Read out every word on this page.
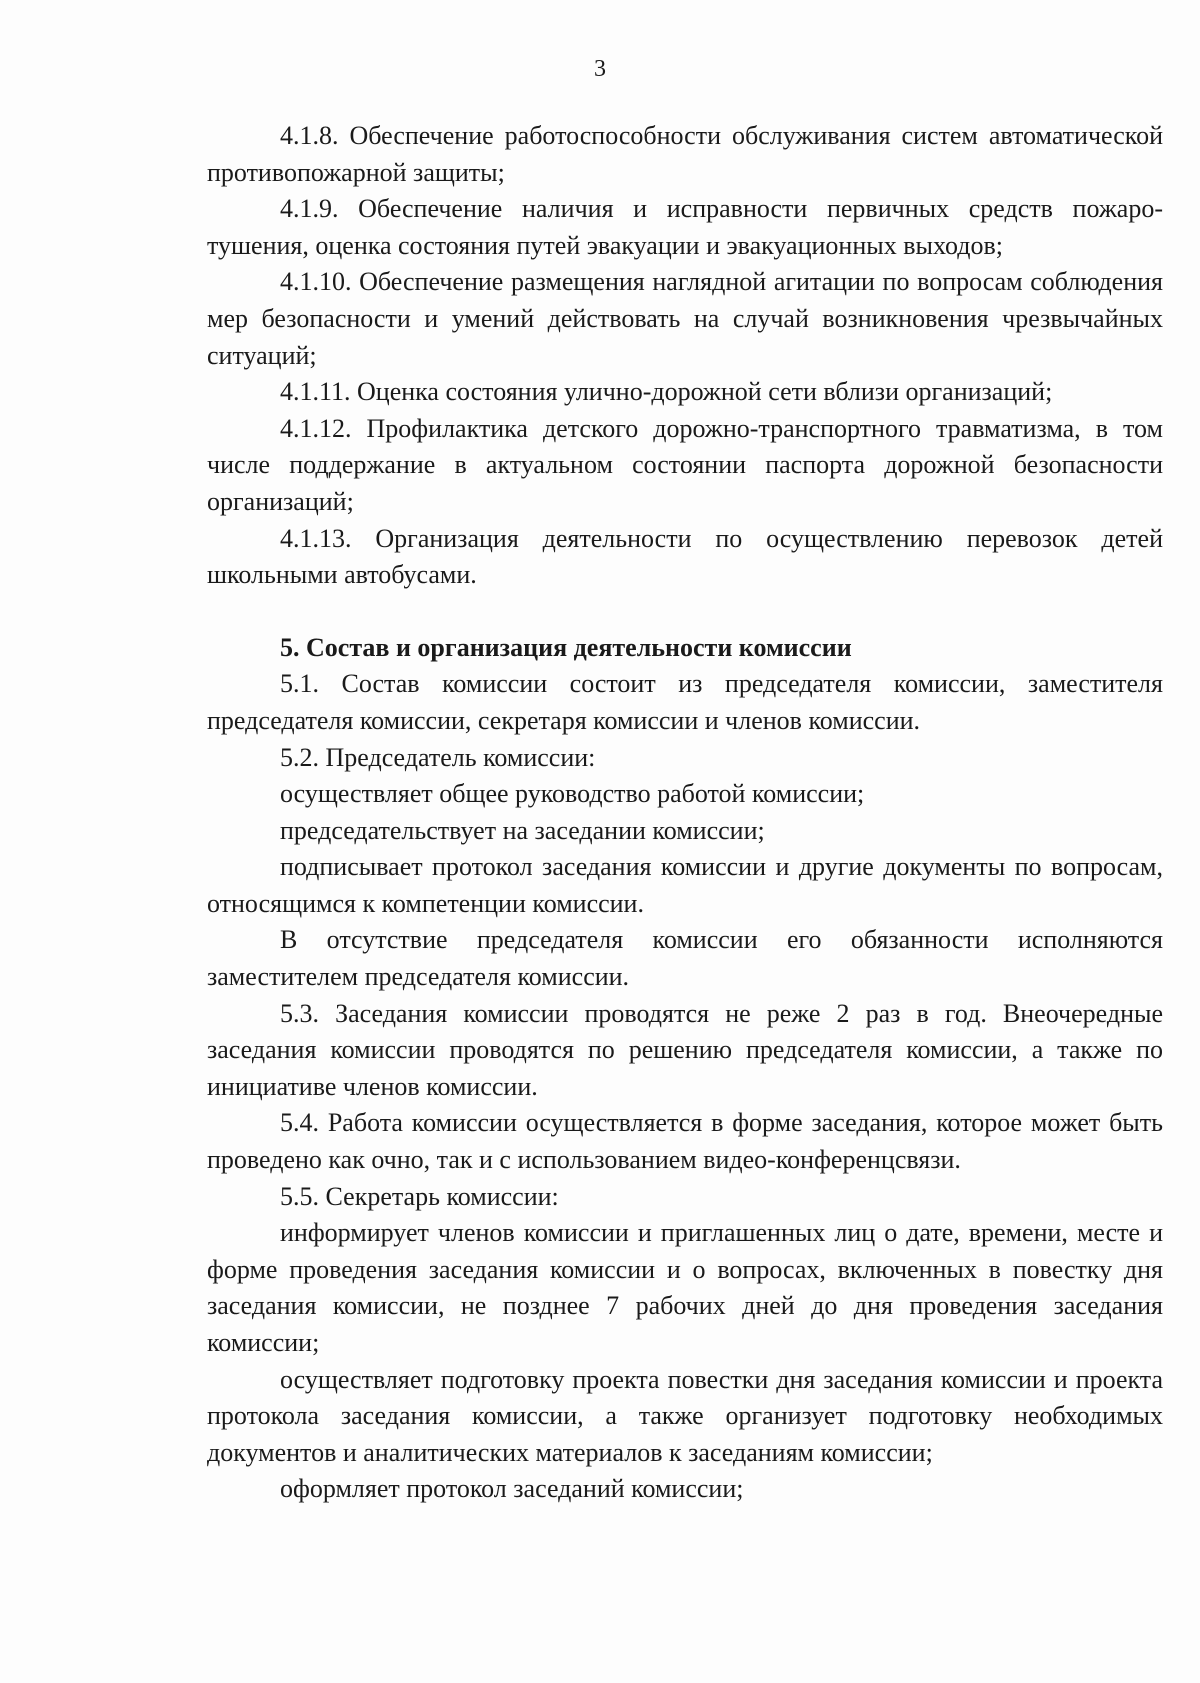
3

4.1.8. Обеспечение работоспособности обслуживания систем автоматической противопожарной защиты;

4.1.9. Обеспечение наличия и исправности первичных средств пожаротушения, оценка состояния путей эвакуации и эвакуационных выходов;

4.1.10. Обеспечение размещения наглядной агитации по вопросам соблюдения мер безопасности и умений действовать на случай возникновения чрезвычайных ситуаций;

4.1.11. Оценка состояния улично-дорожной сети вблизи организаций;

4.1.12. Профилактика детского дорожно-транспортного травматизма, в том числе поддержание в актуальном состоянии паспорта дорожной безопасности организаций;

4.1.13. Организация деятельности по осуществлению перевозок детей школьными автобусами.

5. Состав и организация деятельности комиссии

5.1. Состав комиссии состоит из председателя комиссии, заместителя председателя комиссии, секретаря комиссии и членов комиссии.

5.2. Председатель комиссии:

осуществляет общее руководство работой комиссии;

председательствует на заседании комиссии;

подписывает протокол заседания комиссии и другие документы по вопросам, относящимся к компетенции комиссии.

В отсутствие председателя комиссии его обязанности исполняются заместителем председателя комиссии.

5.3. Заседания комиссии проводятся не реже 2 раз в год. Внеочередные заседания комиссии проводятся по решению председателя комиссии, а также по инициативе членов комиссии.

5.4. Работа комиссии осуществляется в форме заседания, которое может быть проведено как очно, так и с использованием видео-конференцсвязи.

5.5. Секретарь комиссии:

информирует членов комиссии и приглашенных лиц о дате, времени, месте и форме проведения заседания комиссии и о вопросах, включенных в повестку дня заседания комиссии, не позднее 7 рабочих дней до дня проведения заседания комиссии;

осуществляет подготовку проекта повестки дня заседания комиссии и проекта протокола заседания комиссии, а также организует подготовку необходимых документов и аналитических материалов к заседаниям комиссии;

оформляет протокол заседаний комиссии;
